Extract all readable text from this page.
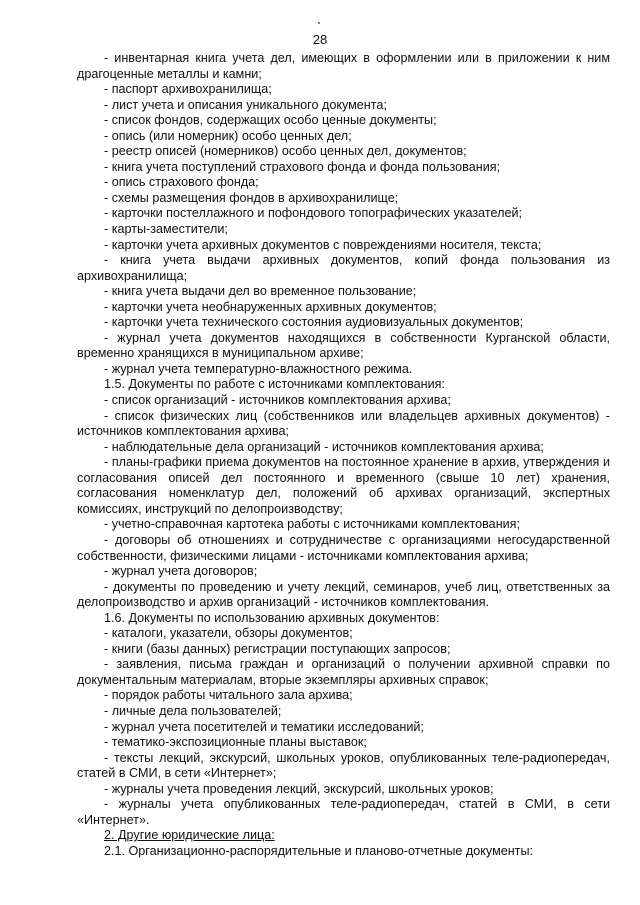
28

- инвентарная книга учета дел, имеющих в оформлении или в приложении к ним драгоценные металлы и камни;

- паспорт архивохранилища;

- лист учета и описания уникального документа;

- список фондов, содержащих особо ценные документы;

- опись (или номерник) особо ценных дел;

- реестр описей (номерников) особо ценных дел, документов;

- книга учета поступлений страхового фонда и фонда пользования;

- опись страхового фонда;

- схемы размещения фондов в архивохранилище;

- карточки постеллажного и пофондового топографических указателей;

- карты-заместители;

- карточки учета архивных документов с повреждениями носителя, текста;

- книга учета выдачи архивных документов, копий фонда пользования из архивохранилища;

- книга учета выдачи дел во временное пользование;

- карточки учета необнаруженных архивных документов;

- карточки учета технического состояния аудиовизуальных документов;

- журнал учета документов находящихся в собственности Курганской области, временно хранящихся в муниципальном архиве;

- журнал учета температурно-влажностного режима.

1.5. Документы по работе с источниками комплектования:

- список организаций - источников комплектования архива;

- список физических лиц (собственников или владельцев архивных документов) - источников комплектования архива;

- наблюдательные дела организаций - источников комплектования архива;

- планы-графики приема документов на постоянное хранение в архив, утверждения и согласования описей дел постоянного и временного (свыше 10 лет) хранения, согласования номенклатур дел, положений об архивах организаций, экспертных комиссиях, инструкций по делопроизводству;

- учетно-справочная картотека работы с источниками комплектования;

- договоры об отношениях и сотрудничестве с организациями негосударственной собственности, физическими лицами - источниками комплектования архива;

- журнал учета договоров;

- документы по проведению и учету лекций, семинаров, учеб лиц, ответственных за делопроизводство и архив организаций - источников комплектования.

1.6. Документы по использованию архивных документов:

- каталоги, указатели, обзоры документов;

- книги (базы данных) регистрации поступающих запросов;

- заявления, письма граждан и организаций о получении архивной справки по документальным материалам, вторые экземпляры архивных справок;

- порядок работы читального зала архива;

- личные дела пользователей;

- журнал учета посетителей и тематики исследований;

- тематико-экспозиционные планы выставок;

- тексты лекций, экскурсий, школьных уроков, опубликованных теле-радиопередач, статей в СМИ, в сети «Интернет»;

- журналы учета проведения лекций, экскурсий, школьных уроков;

- журналы учета опубликованных теле-радиопередач, статей в СМИ, в сети «Интернет».

2. Другие юридические лица:

2.1. Организационно-распорядительные и планово-отчетные документы:
